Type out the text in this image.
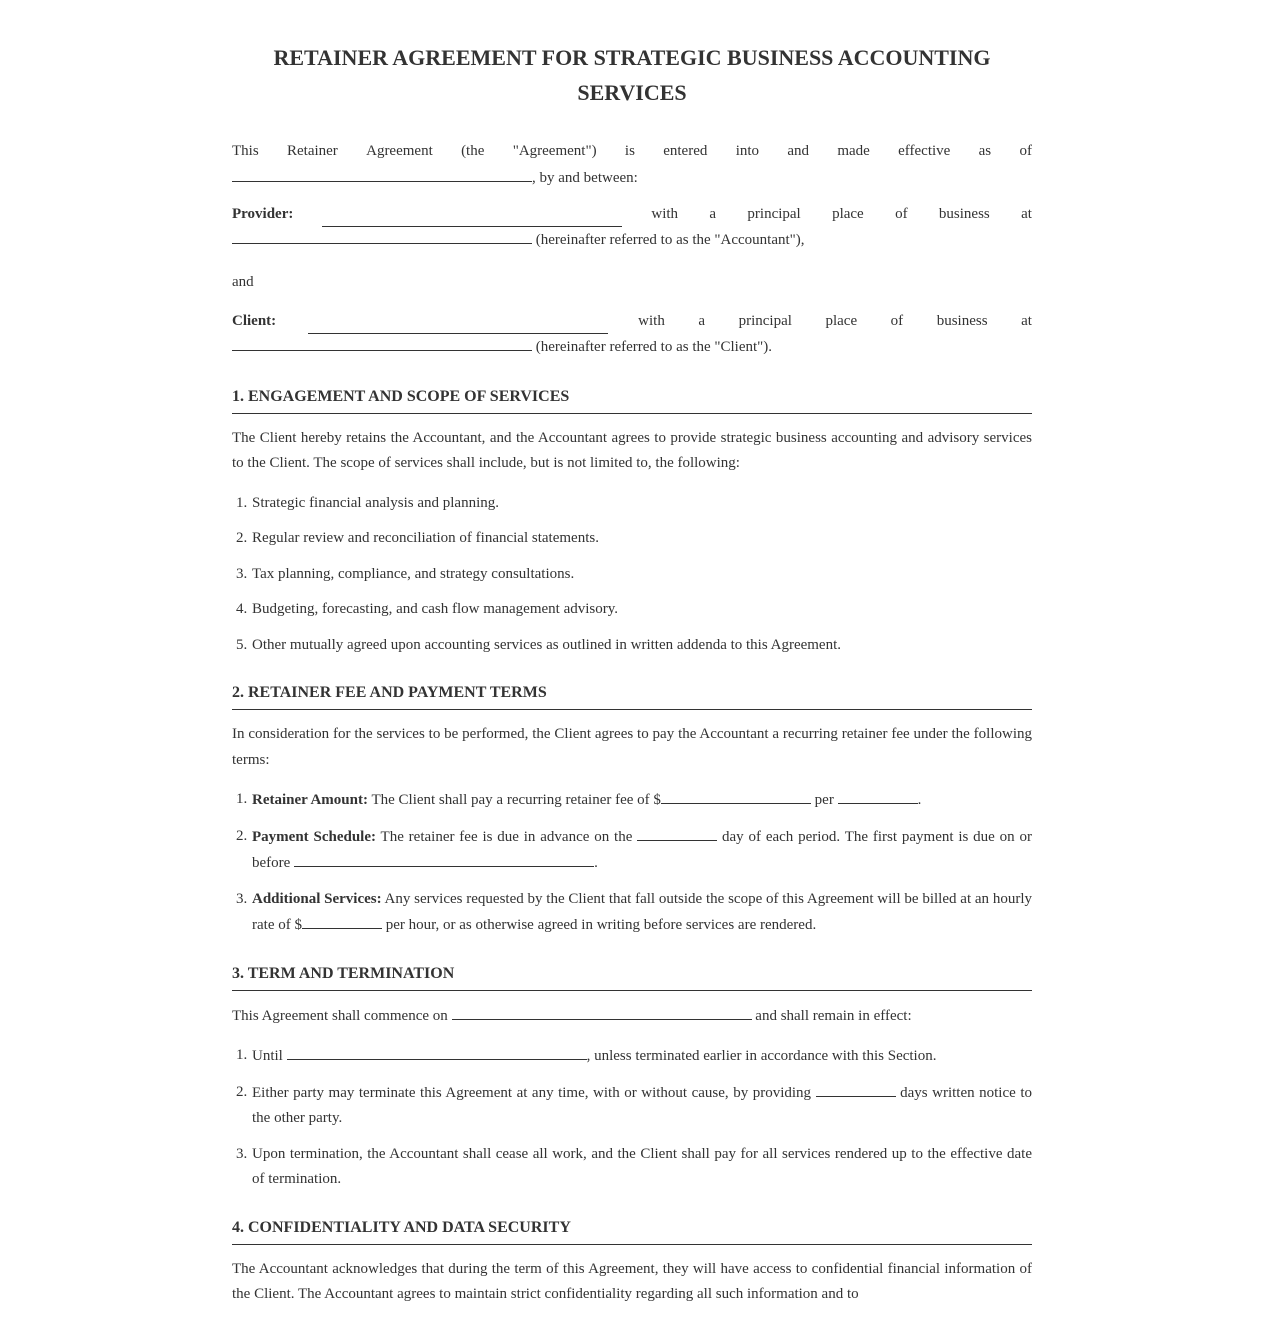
RETAINER AGREEMENT FOR STRATEGIC BUSINESS ACCOUNTING SERVICES
This Retainer Agreement (the "Agreement") is entered into and made effective as of
, by and between:
Provider:	with a principal place of business at
(hereinafter referred to as the "Accountant"),
and
Client:	with a principal place of business at
(hereinafter referred to as the "Client").
1. ENGAGEMENT AND SCOPE OF SERVICES

The Client hereby retains the Accountant, and the Accountant agrees to provide strategic business accounting and advisory services to the Client. The scope of services shall include, but is not limited to, the following:

1. Strategic financial analysis and planning.
2. Regular review and reconciliation of financial statements.
3. Tax planning, compliance, and strategy consultations.
4. Budgeting, forecasting, and cash flow management advisory.
5. Other mutually agreed upon accounting services as outlined in written addenda to this Agreement.
2. RETAINER FEE AND PAYMENT TERMS

In consideration for the services to be performed, the Client agrees to pay the Accountant a recurring retainer fee under the following terms:

1. Retainer Amount: The Client shall pay a recurring retainer fee of $	per	.
2. Payment Schedule: The retainer fee is due in advance on the	day of each period. The first payment is due on or before	.
3. Additional Services: Any services requested by the Client that fall outside the scope of this Agreement will be billed at an hourly rate of $	per hour, or as otherwise agreed in writing before services are rendered.
3. TERM AND TERMINATION

This Agreement shall commence on	and shall remain in effect:

1. Until	, unless terminated earlier in accordance with this Section.
2. Either party may terminate this Agreement at any time, with or without cause, by providing	days written notice to the other party.
3. Upon termination, the Accountant shall cease all work, and the Client shall pay for all services rendered up to the effective date of termination.
4. CONFIDENTIALITY AND DATA SECURITY

The Accountant acknowledges that during the term of this Agreement, they will have access to confidential financial information of the Client. The Accountant agrees to maintain strict confidentiality regarding all such information and to
